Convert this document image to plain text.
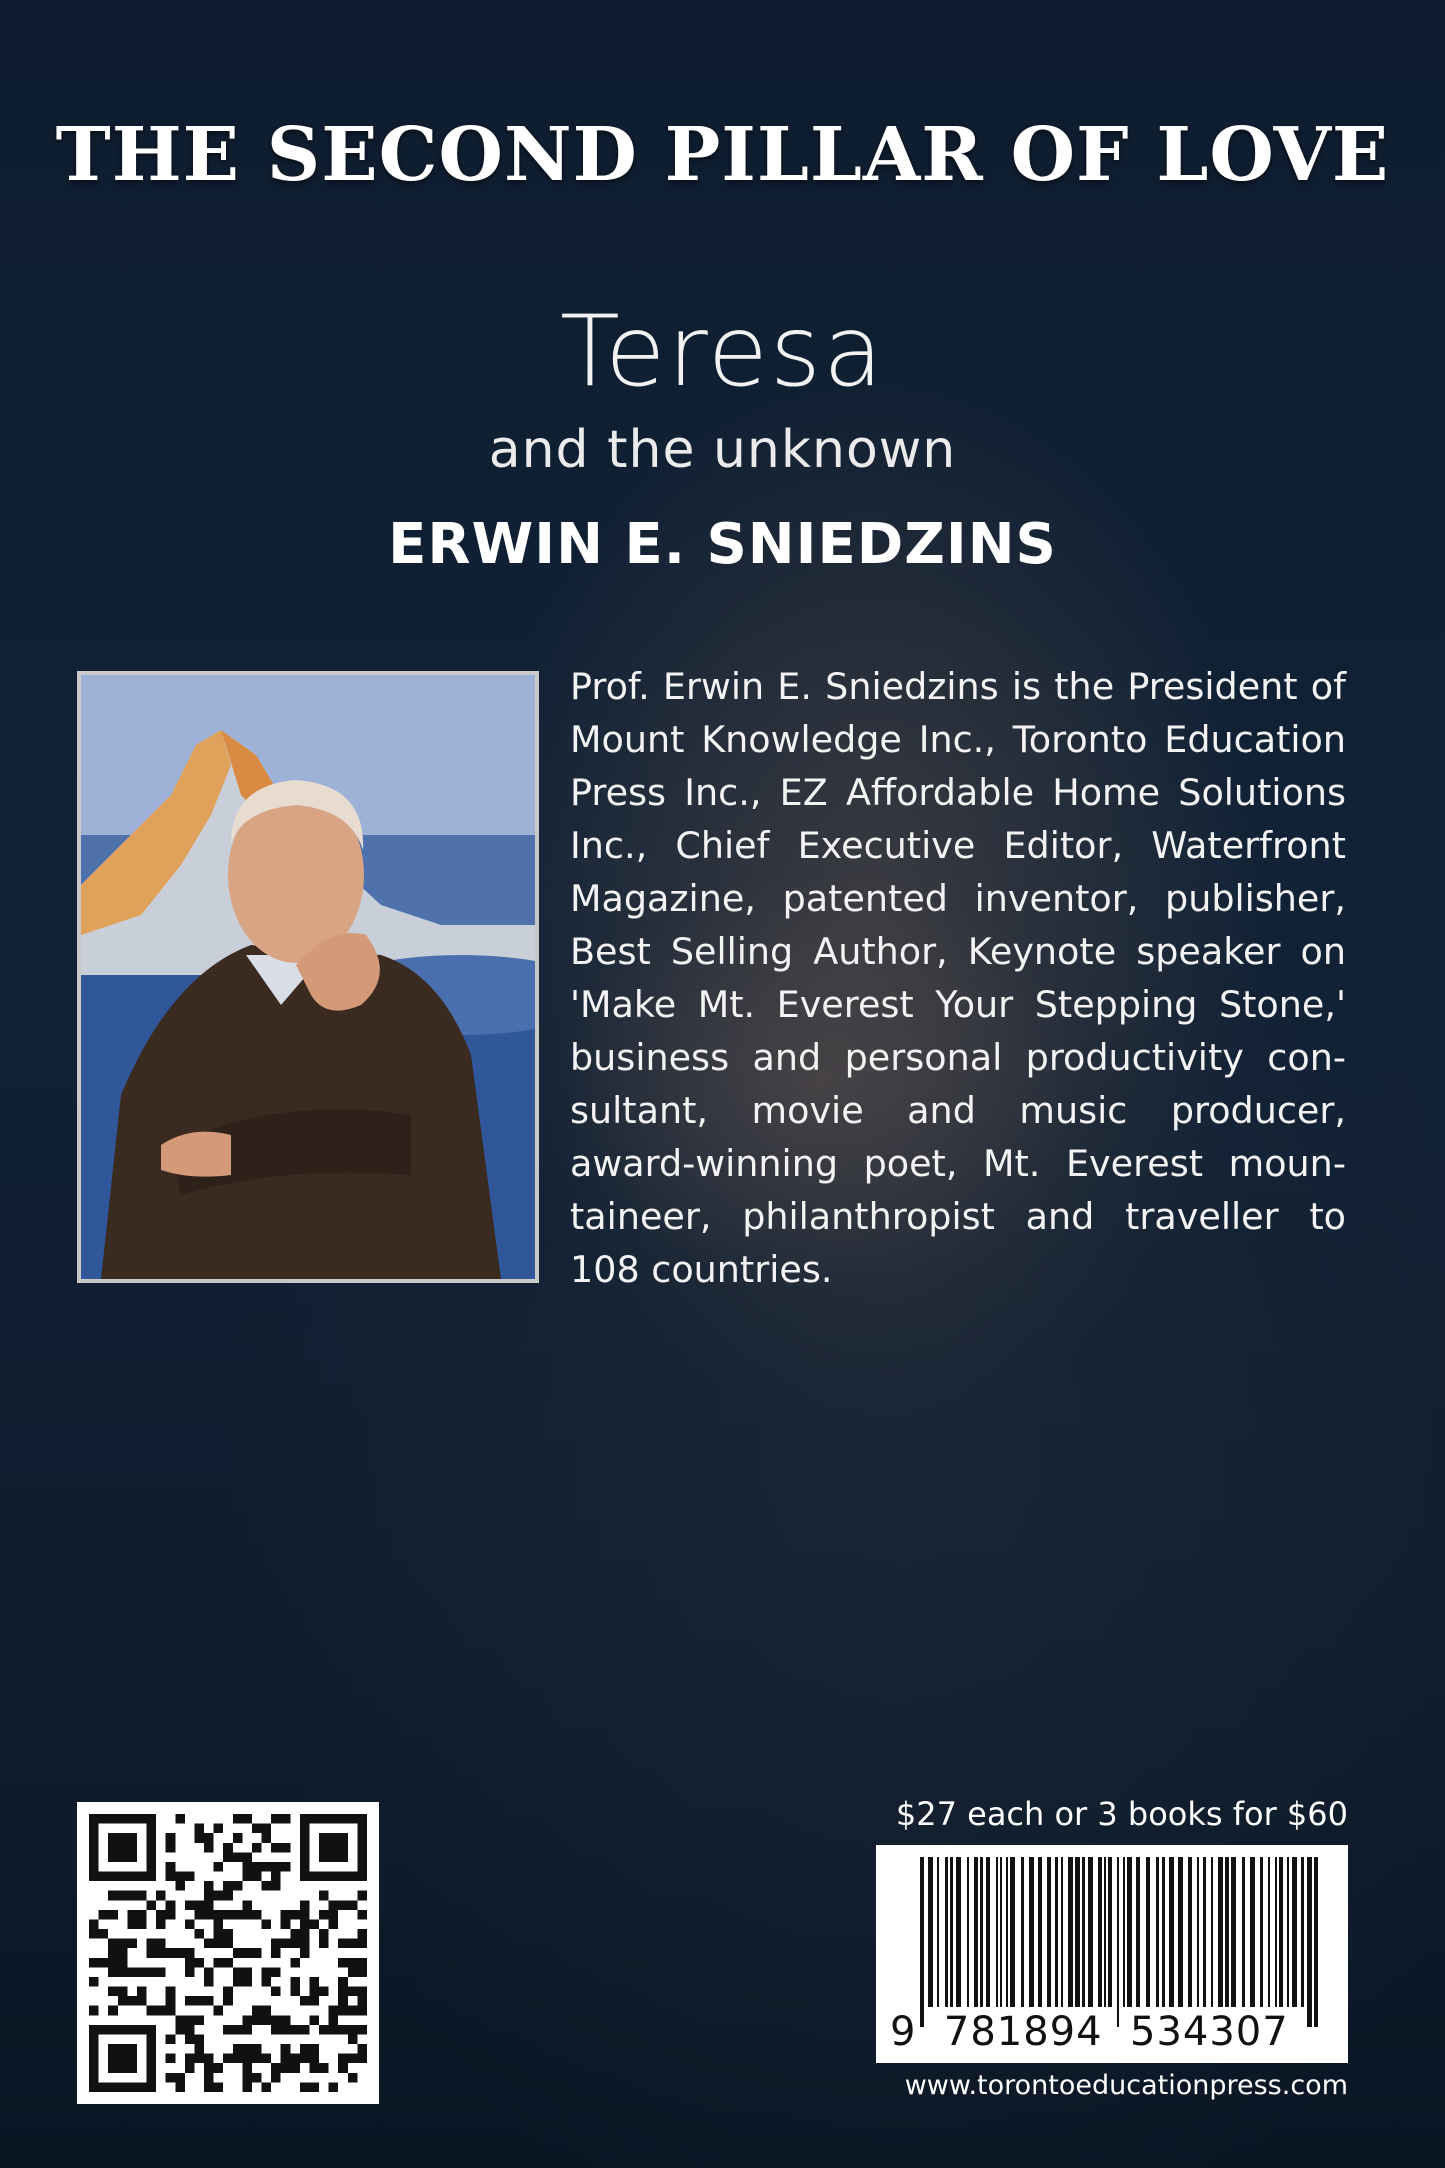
THE SECOND PILLAR OF LOVE
Teresa

and the unknown

ERWIN E. SNIEDZINS

Prof. Erwin E. Sniedzins is the President of Mount Knowledge Inc., Toronto Education Press Inc., EZ Affordable Home Solutions Inc., Chief Executive Editor, Waterfront Magazine, patented inventor, publisher, Best Selling Author, Keynote speaker on 'Make Mt. Everest Your Stepping Stone,' business and personal productivity consultant, movie and music producer, award-winning poet, Mt. Everest mountaineer, philanthropist and traveller to 108 countries.

$27 each or 3 books for $60

9  781894  534307

www.torontoeducationpress.com
